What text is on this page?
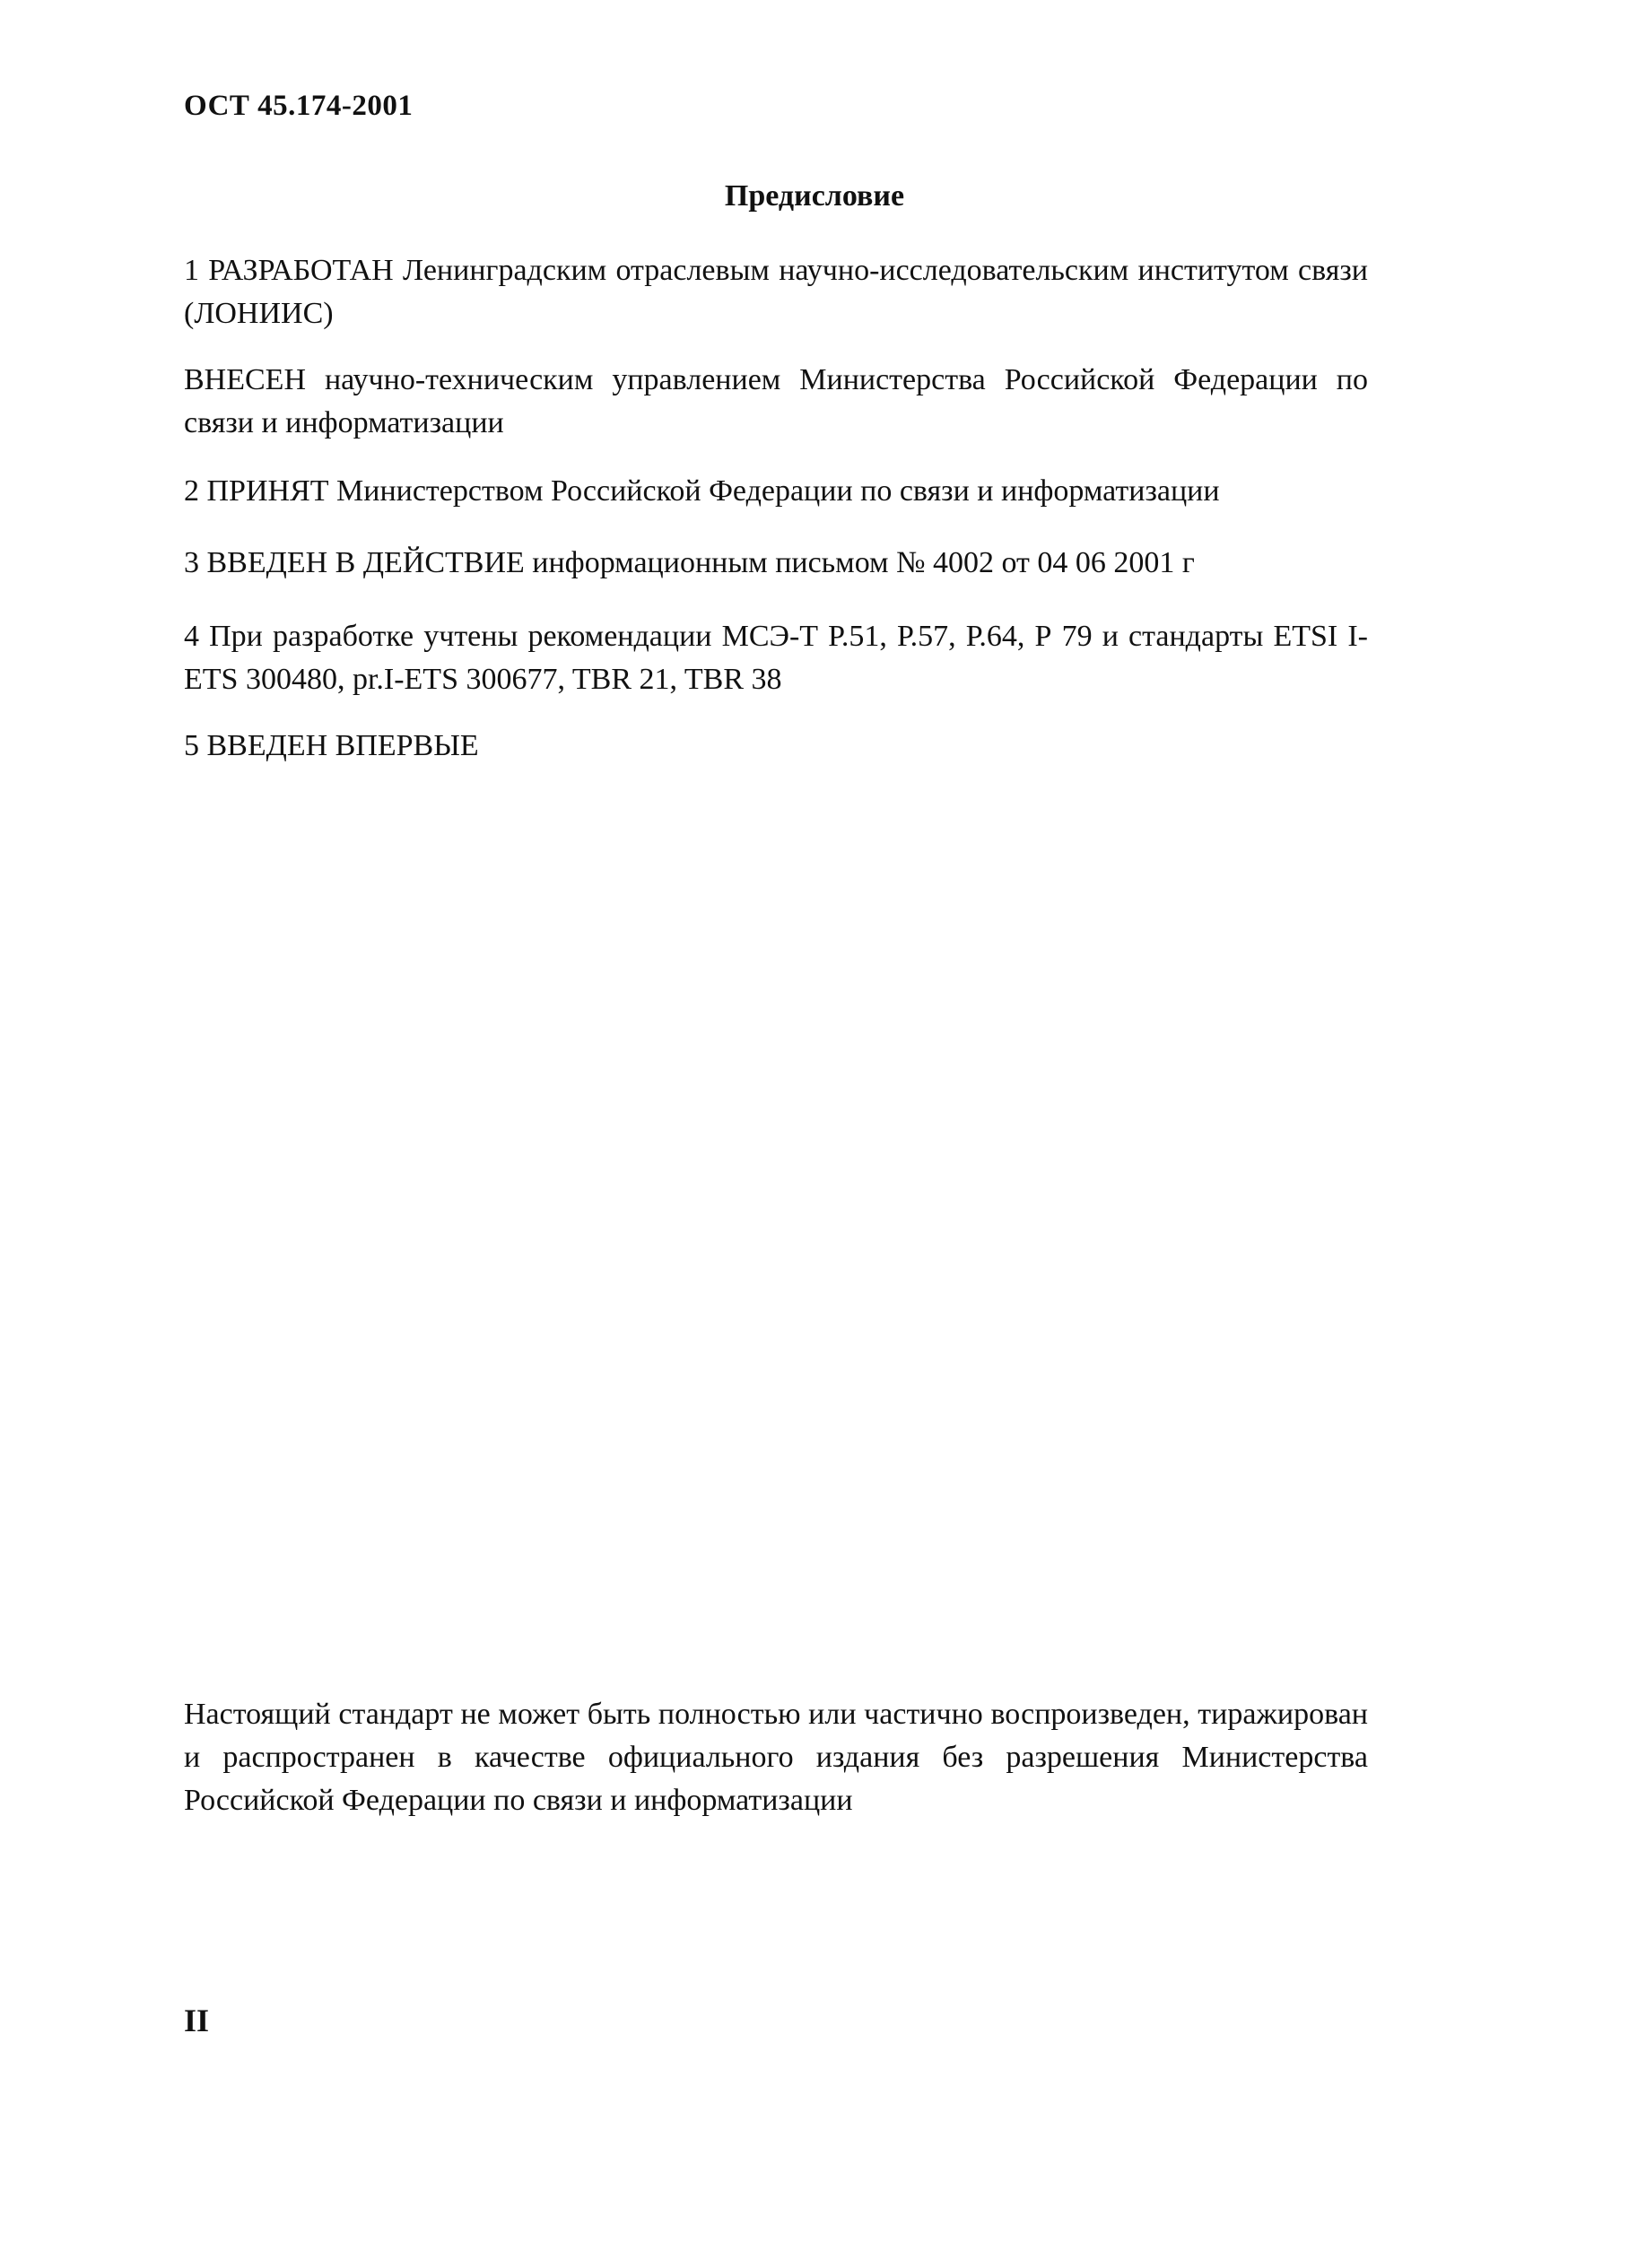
ОСТ 45.174-2001
Предисловие

1 РАЗРАБОТАН Ленинградским отраслевым научно-исследовательским институтом связи (ЛОНИИС)

ВНЕСЕН научно-техническим управлением Министерства Российской Федерации по связи и информатизации

2 ПРИНЯТ Министерством Российской Федерации по связи и информатизации

3 ВВЕДЕН В ДЕЙСТВИЕ информационным письмом № 4002 от 04 06 2001 г

4 При разработке учтены рекомендации МСЭ-Т Р.51, Р.57, Р.64, Р 79 и стандарты ETSI I-ETS 300480, pr.I-ETS 300677, TBR 21, TBR 38

5 ВВЕДЕН ВПЕРВЫЕ

Настоящий стандарт не может быть полностью или частично воспроизведен, тиражирован и распространен в качестве официального издания без разрешения Министерства Российской Федерации по связи и информатизации

II
